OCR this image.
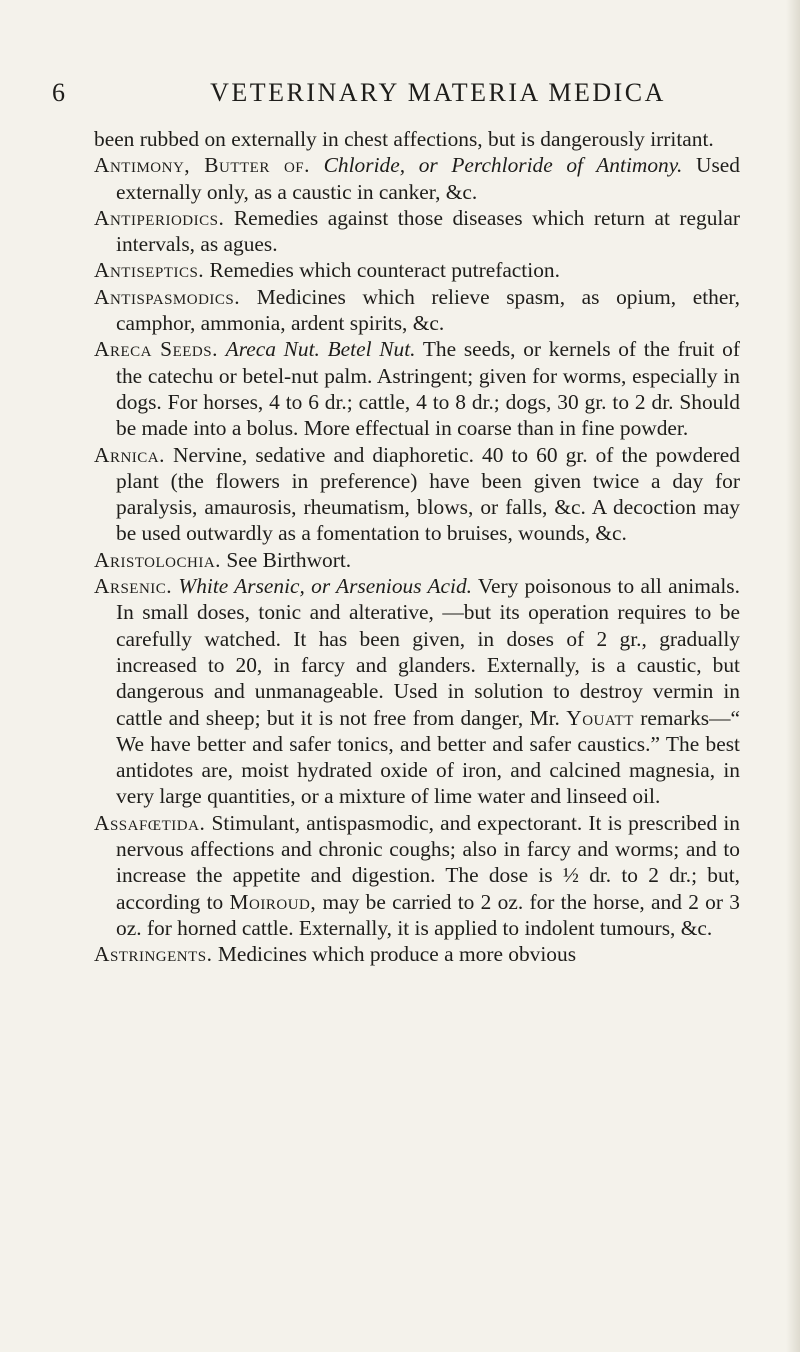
6	VETERINARY MATERIA MEDICA

been rubbed on externally in chest affections, but is dangerously irritant.

Antimony, Butter of. Chloride, or Perchloride of Antimony. Used externally only, as a caustic in canker, &c.

Antiperiodics. Remedies against those diseases which return at regular intervals, as agues.

Antiseptics. Remedies which counteract putrefaction.

Antispasmodics. Medicines which relieve spasm, as opium, ether, camphor, ammonia, ardent spirits, &c.

Areca Seeds. Areca Nut. Betel Nut. The seeds, or kernels of the fruit of the catechu or betel-nut palm. Astringent; given for worms, especially in dogs. For horses, 4 to 6 dr.; cattle, 4 to 8 dr.; dogs, 30 gr. to 2 dr. Should be made into a bolus. More effectual in coarse than in fine powder.

Arnica. Nervine, sedative and diaphoretic. 40 to 60 gr. of the powdered plant (the flowers in preference) have been given twice a day for paralysis, amaurosis, rheumatism, blows, or falls, &c. A decoction may be used outwardly as a fomentation to bruises, wounds, &c.

Aristolochia. See Birthwort.

Arsenic. White Arsenic, or Arsenious Acid. Very poisonous to all animals. In small doses, tonic and alterative, —but its operation requires to be carefully watched. It has been given, in doses of 2 gr., gradually increased to 20, in farcy and glanders. Externally, is a caustic, but dangerous and unmanageable. Used in solution to destroy vermin in cattle and sheep; but it is not free from danger, Mr. Youatt remarks—“ We have better and safer tonics, and better and safer caustics.” The best antidotes are, moist hydrated oxide of iron, and calcined magnesia, in very large quantities, or a mixture of lime water and linseed oil.

Assafœtida. Stimulant, antispasmodic, and expectorant. It is prescribed in nervous affections and chronic coughs; also in farcy and worms; and to increase the appetite and digestion. The dose is ½ dr. to 2 dr.; but, according to Moiroud, may be carried to 2 oz. for the horse, and 2 or 3 oz. for horned cattle. Externally, it is applied to indolent tumours, &c.

Astringents. Medicines which produce a more obvious
